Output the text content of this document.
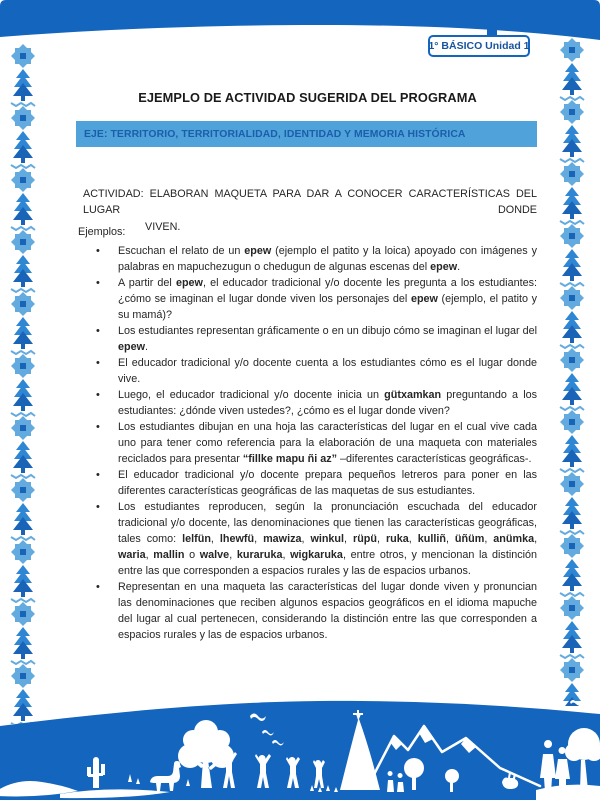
1° BÁSICO Unidad 1
EJEMPLO DE ACTIVIDAD SUGERIDA DEL PROGRAMA
EJE: TERRITORIO, TERRITORIALIDAD, IDENTIDAD Y MEMORIA HISTÓRICA
ACTIVIDAD: ELABORAN MAQUETA PARA DAR A CONOCER CARACTERÍSTICAS DEL LUGAR DONDE
VIVEN.
Ejemplos:
• Escuchan el relato de un epew (ejemplo el patito y la loica) apoyado con imágenes y palabras en mapuchezugun o chedugun de algunas escenas del epew.
• A partir del epew, el educador tradicional y/o docente les pregunta a los estudiantes: ¿cómo se imaginan el lugar donde viven los personajes del epew (ejemplo, el patito y su mamá)?
• Los estudiantes representan gráficamente o en un dibujo cómo se imaginan el lugar del epew.
• El educador tradicional y/o docente cuenta a los estudiantes cómo es el lugar donde vive.
• Luego, el educador tradicional y/o docente inicia un gütxamkan preguntando a los estudiantes: ¿dónde viven ustedes?, ¿cómo es el lugar donde viven?
• Los estudiantes dibujan en una hoja las características del lugar en el cual vive cada uno para tener como referencia para la elaboración de una maqueta con materiales reciclados para presentar “fillke mapu ñi az” –diferentes características geográficas-.
• El educador tradicional y/o docente prepara pequeños letreros para poner en las diferentes características geográficas de las maquetas de sus estudiantes.
• Los estudiantes reproducen, según la pronunciación escuchada del educador tradicional y/o docente, las denominaciones que tienen las características geográficas, tales como: lelfün, lhewfü, mawiza, winkul, rüpü, ruka, kulliñ, üñüm, anümka, waria, mallin o walve, kuraruka, wigkaruka, entre otros, y mencionan la distinción entre las que corresponden a espacios rurales y las de espacios urbanos.
• Representan en una maqueta las características del lugar donde viven y pronuncian las denominaciones que reciben algunos espacios geográficos en el idioma mapuche del lugar al cual pertenecen, considerando la distinción entre las que corresponden a espacios rurales y las de espacios urbanos.
